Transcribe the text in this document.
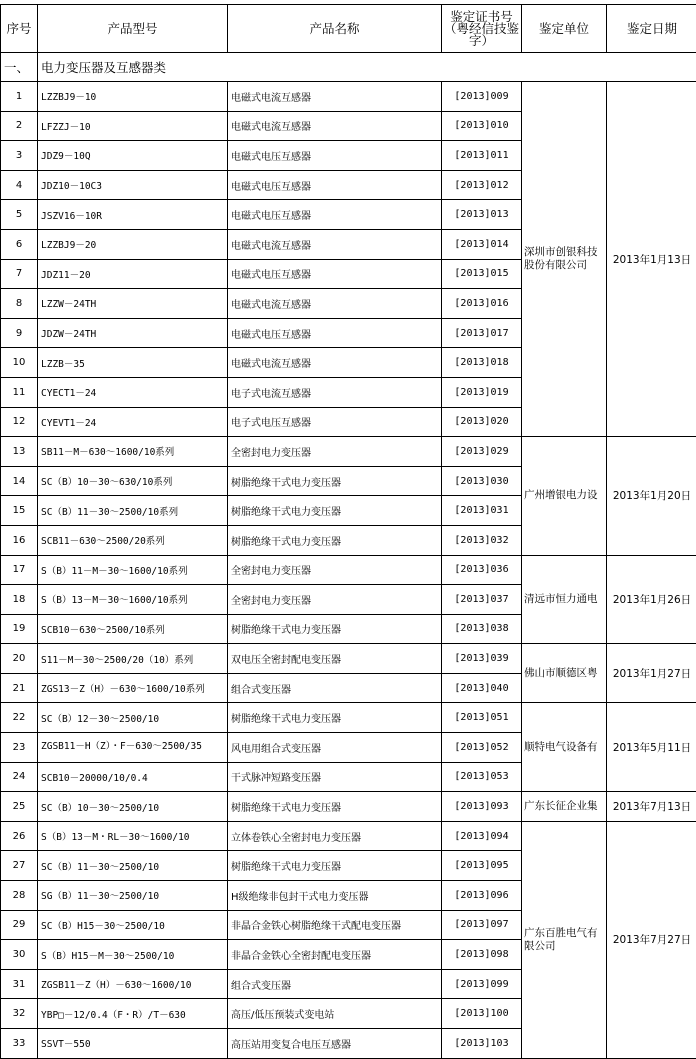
序号	产品型号	产品名称	鉴定证书号（粤经信技鉴字）	鉴定单位	鉴定日期
一、	电力变压器及互感器类				
1	LZZBJ9－10	电磁式电流互感器	[2013]009	深圳市创银科技股份有限公司	2013年1月13日
2	LFZZJ－10	电磁式电流互感器	[2013]010		
3	JDZ9－10Q	电磁式电压互感器	[2013]011		
4	JDZ10－10C3	电磁式电压互感器	[2013]012		
5	JSZV16－10R	电磁式电压互感器	[2013]013		
6	LZZBJ9－20	电磁式电流互感器	[2013]014		
7	JDZ11－20	电磁式电压互感器	[2013]015		
8	LZZW－24TH	电磁式电流互感器	[2013]016		
9	JDZW－24TH	电磁式电压互感器	[2013]017		
10	LZZB－35	电磁式电流互感器	[2013]018		
11	CYECT1－24	电子式电流互感器	[2013]019		
12	CYEVT1－24	电子式电压互感器	[2013]020		
13	SB11－M－630～1600/10系列	全密封电力变压器	[2013]029	广州增银电力设	2013年1月20日
14	SC（B）10－30～630/10系列	树脂绝缘干式电力变压器	[2013]030		
15	SC（B）11－30～2500/10系列	树脂绝缘干式电力变压器	[2013]031		
16	SCB11－630～2500/20系列	树脂绝缘干式电力变压器	[2013]032		
17	S（B）11－M－30～1600/10系列	全密封电力变压器	[2013]036	清远市恒力通电	2013年1月26日
18	S（B）13－M－30～1600/10系列	全密封电力变压器	[2013]037		
19	SCB10－630～2500/10系列	树脂绝缘干式电力变压器	[2013]038		
20	S11－M－30～2500/20（10）系列	双电压全密封配电变压器	[2013]039	佛山市顺德区粤	2013年1月27日
21	ZGS13－Z（H）－630～1600/10系列	组合式变压器	[2013]040		
22	SC（B）12－30～2500/10	树脂绝缘干式电力变压器	[2013]051	顺特电气设备有	2013年5月11日
23	ZGSB11－H（Z）・F－630～2500/35	风电用组合式变压器	[2013]052		
24	SCB10－20000/10/0.4	干式脉冲短路变压器	[2013]053		
25	SC（B）10－30～2500/10	树脂绝缘干式电力变压器	[2013]093	广东长征企业集	2013年7月13日
26	S（B）13－M・RL－30～1600/10	立体卷铁心全密封电力变压器	[2013]094	广东百胜电气有限公司	2013年7月27日
27	SC（B）11－30～2500/10	树脂绝缘干式电力变压器	[2013]095		
28	SG（B）11－30～2500/10	H级绝缘非包封干式电力变压器	[2013]096		
29	SC（B）H15－30～2500/10	非晶合金铁心树脂绝缘干式配电变压器	[2013]097		
30	S（B）H15－M－30～2500/10	非晶合金铁心全密封配电变压器	[2013]098		
31	ZGSB11－Z（H）－630～1600/10	组合式变压器	[2013]099		
32	YBP□－12/0.4（F・R）/T－630	高压/低压预装式变电站	[2013]100		
33	SSVT－550	高压站用变复合电压互感器	[2013]103		
